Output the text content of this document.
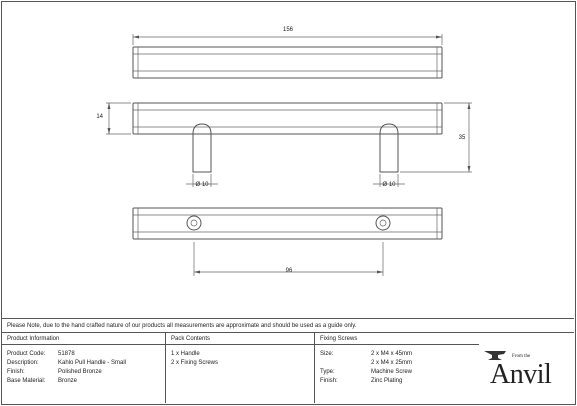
156
14
35
Ø 10	Ø 10
96
Please Note, due to the hand crafted nature of our products all measurements are approximate and should be used as a guide only.
Product Information
Product Code: 51878
Description:	Kahlo Pull Handle - Small
Finish:	Polished Bronze
Base Material: Bronze
Pack Contents
1 x Handle
2 x Fixing Screws
Fixing Screws
Size:	2 x M4 x 45mm
2 x M4 x 25mm
Type:	Machine Screw
Finish:	Zinc Plating
From the
Anvil
